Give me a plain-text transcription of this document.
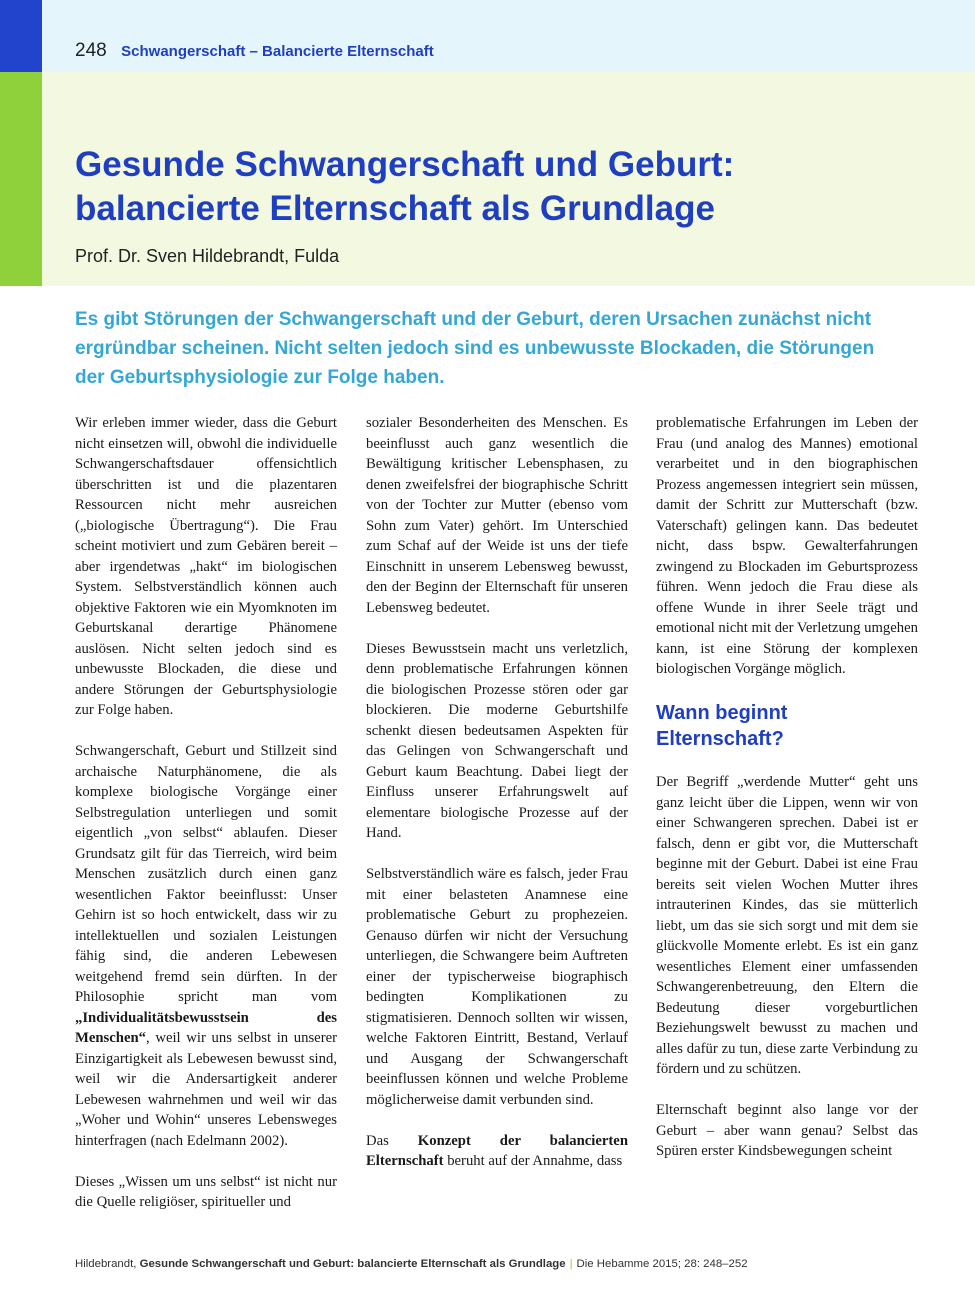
248 Schwangerschaft – Balancierte Elternschaft
Gesunde Schwangerschaft und Geburt:
balancierte Elternschaft als Grundlage
Prof. Dr. Sven Hildebrandt, Fulda
Es gibt Störungen der Schwangerschaft und der Geburt, deren Ursachen zunächst nicht
ergründbar scheinen. Nicht selten jedoch sind es unbewusste Blockaden, die Störungen
der Geburtsphysiologie zur Folge haben.

Wir erleben immer wieder, dass die Geburt nicht einsetzen will, obwohl die individuelle Schwangerschaftsdauer offensichtlich überschritten ist und die plazentaren Ressourcen nicht mehr ausreichen („biologische Übertragung“). Die Frau scheint motiviert und zum Gebären bereit – aber irgendetwas „hakt“ im biologischen System. Selbstverständlich können auch objektive Faktoren wie ein Myomknoten im Geburtskanal derartige Phänomene auslösen. Nicht selten jedoch sind es unbewusste Blockaden, die diese und andere Störungen der Geburtsphysiologie zur Folge haben.

Schwangerschaft, Geburt und Stillzeit sind archaische Naturphänomene, die als komplexe biologische Vorgänge einer Selbstregulation unterliegen und somit eigentlich „von selbst“ ablaufen. Dieser Grundsatz gilt für das Tierreich, wird beim Menschen zusätzlich durch einen ganz wesentlichen Faktor beeinflusst: Unser Gehirn ist so hoch entwickelt, dass wir zu intellektuellen und sozialen Leistungen fähig sind, die anderen Lebewesen weitgehend fremd sein dürften. In der Philosophie spricht man vom „Individualitätsbewusstsein des Menschen“, weil wir uns selbst in unserer Einzigartigkeit als Lebewesen bewusst sind, weil wir die Andersartigkeit anderer Lebewesen wahrnehmen und weil wir das „Woher und Wohin“ unseres Lebensweges hinterfragen (nach Edelmann 2002).

Dieses „Wissen um uns selbst“ ist nicht nur die Quelle religiöser, spiritueller und

sozialer Besonderheiten des Menschen. Es beeinflusst auch ganz wesentlich die Bewältigung kritischer Lebensphasen, zu denen zweifelsfrei der biographische Schritt von der Tochter zur Mutter (ebenso vom Sohn zum Vater) gehört. Im Unterschied zum Schaf auf der Weide ist uns der tiefe Einschnitt in unserem Lebensweg bewusst, den der Beginn der Elternschaft für unseren Lebensweg bedeutet.

Dieses Bewusstsein macht uns verletzlich, denn problematische Erfahrungen können die biologischen Prozesse stören oder gar blockieren. Die moderne Geburtshilfe schenkt diesen bedeutsamen Aspekten für das Gelingen von Schwangerschaft und Geburt kaum Beachtung. Dabei liegt der Einfluss unserer Erfahrungswelt auf elementare biologische Prozesse auf der Hand.

Selbstverständlich wäre es falsch, jeder Frau mit einer belasteten Anamnese eine problematische Geburt zu prophezeien. Genauso dürfen wir nicht der Versuchung unterliegen, die Schwangere beim Auftreten einer der typischerweise biographisch bedingten Komplikationen zu stigmatisieren. Dennoch sollten wir wissen, welche Faktoren Eintritt, Bestand, Verlauf und Ausgang der Schwangerschaft beeinflussen können und welche Probleme möglicherweise damit verbunden sind.

Das Konzept der balancierten Elternschaft beruht auf der Annahme, dass

problematische Erfahrungen im Leben der Frau (und analog des Mannes) emotional verarbeitet und in den biographischen Prozess angemessen integriert sein müssen, damit der Schritt zur Mutterschaft (bzw. Vaterschaft) gelingen kann. Das bedeutet nicht, dass bspw. Gewalterfahrungen zwingend zu Blockaden im Geburtsprozess führen. Wenn jedoch die Frau diese als offene Wunde in ihrer Seele trägt und emotional nicht mit der Verletzung umgehen kann, ist eine Störung der komplexen biologischen Vorgänge möglich.

Wann beginnt
Elternschaft?

Der Begriff „werdende Mutter“ geht uns ganz leicht über die Lippen, wenn wir von einer Schwangeren sprechen. Dabei ist er falsch, denn er gibt vor, die Mutterschaft beginne mit der Geburt. Dabei ist eine Frau bereits seit vielen Wochen Mutter ihres intrauterinen Kindes, das sie mütterlich liebt, um das sie sich sorgt und mit dem sie glückvolle Momente erlebt. Es ist ein ganz wesentliches Element einer umfassenden Schwangerenbetreuung, den Eltern die Bedeutung dieser vorgeburtlichen Beziehungswelt bewusst zu machen und alles dafür zu tun, diese zarte Verbindung zu fördern und zu schützen.

Elternschaft beginnt also lange vor der Geburt – aber wann genau? Selbst das Spüren erster Kindsbewegungen scheint

Hildebrandt, Gesunde Schwangerschaft und Geburt: balancierte Elternschaft als Grundlage | Die Hebamme 2015; 28: 248–252
